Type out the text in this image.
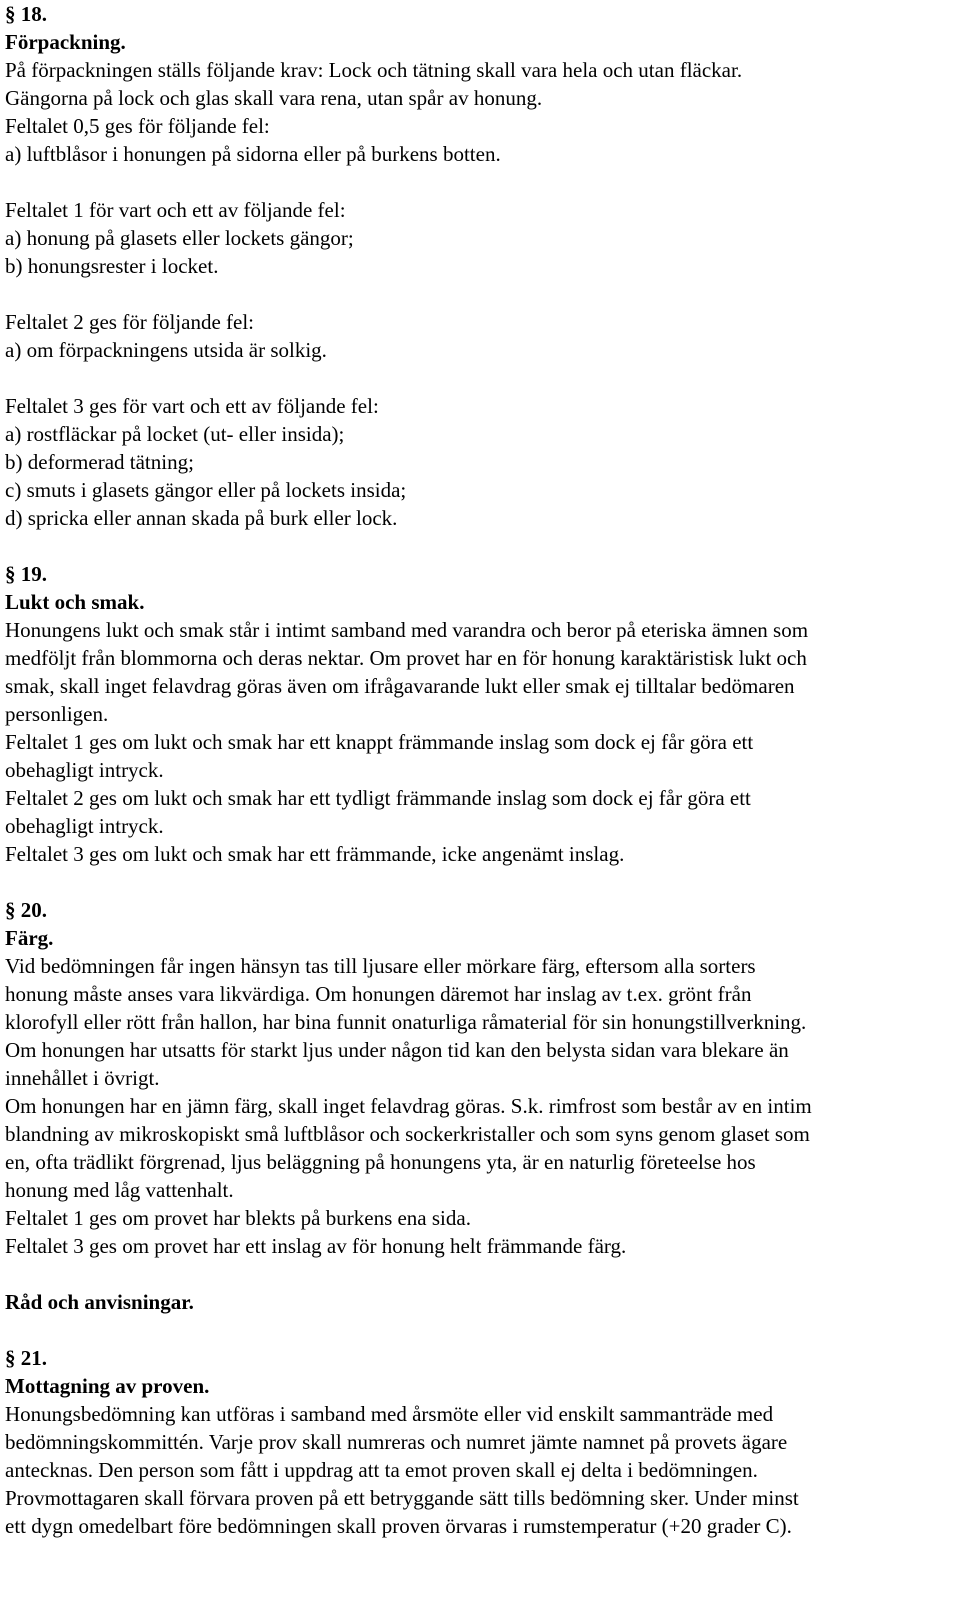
§ 18.
Förpackning.
På förpackningen ställs följande krav: Lock och tätning skall vara hela och utan fläckar.
Gängorna på lock och glas skall vara rena, utan spår av honung.
Feltalet 0,5 ges för följande fel:
a) luftblåsor i honungen på sidorna eller på burkens botten.
Feltalet 1 för vart och ett av följande fel:
a) honung på glasets eller lockets gängor;
b) honungsrester i locket.
Feltalet 2 ges för följande fel:
a) om förpackningens utsida är solkig.
Feltalet 3 ges för vart och ett av följande fel:
a) rostfläckar på locket (ut- eller insida);
b) deformerad tätning;
c) smuts i glasets gängor eller på lockets insida;
d) spricka eller annan skada på burk eller lock.
§ 19.
Lukt och smak.
Honungens lukt och smak står i intimt samband med varandra och beror på eteriska ämnen som
medföljt från blommorna och deras nektar. Om provet har en för honung karaktäristisk lukt och
smak, skall inget felavdrag göras även om ifrågavarande lukt eller smak ej tilltalar bedömaren
personligen.
Feltalet 1 ges om lukt och smak har ett knappt främmande inslag som dock ej får göra ett
obehagligt intryck.
Feltalet 2 ges om lukt och smak har ett tydligt främmande inslag som dock ej får göra ett
obehagligt intryck.
Feltalet 3 ges om lukt och smak har ett främmande, icke angenämt inslag.
§ 20.
Färg.
Vid bedömningen får ingen hänsyn tas till ljusare eller mörkare färg, eftersom alla sorters
honung måste anses vara likvärdiga. Om honungen däremot har inslag av t.ex. grönt från
klorofyll eller rött från hallon, har bina funnit onaturliga råmaterial för sin honungstillverkning.
Om honungen har utsatts för starkt ljus under någon tid kan den belysta sidan vara blekare än
innehållet i övrigt.
Om honungen har en jämn färg, skall inget felavdrag göras. S.k. rimfrost som består av en intim
blandning av mikroskopiskt små luftblåsor och sockerkristaller och som syns genom glaset som
en, ofta trädlikt förgrenad, ljus beläggning på honungens yta, är en naturlig företeelse hos
honung med låg vattenhalt.
Feltalet 1 ges om provet har blekts på burkens ena sida.
Feltalet 3 ges om provet har ett inslag av för honung helt främmande färg.
Råd och anvisningar.
§ 21.
Mottagning av proven.
Honungsbedömning kan utföras i samband med årsmöte eller vid enskilt sammanträde med
bedömningskommittén. Varje prov skall numreras och numret jämte namnet på provets ägare
antecknas. Den person som fått i uppdrag att ta emot proven skall ej delta i bedömningen.
Provmottagaren skall förvara proven på ett betryggande sätt tills bedömning sker. Under minst
ett dygn omedelbart före bedömningen skall proven örvaras i rumstemperatur (+20 grader C).
